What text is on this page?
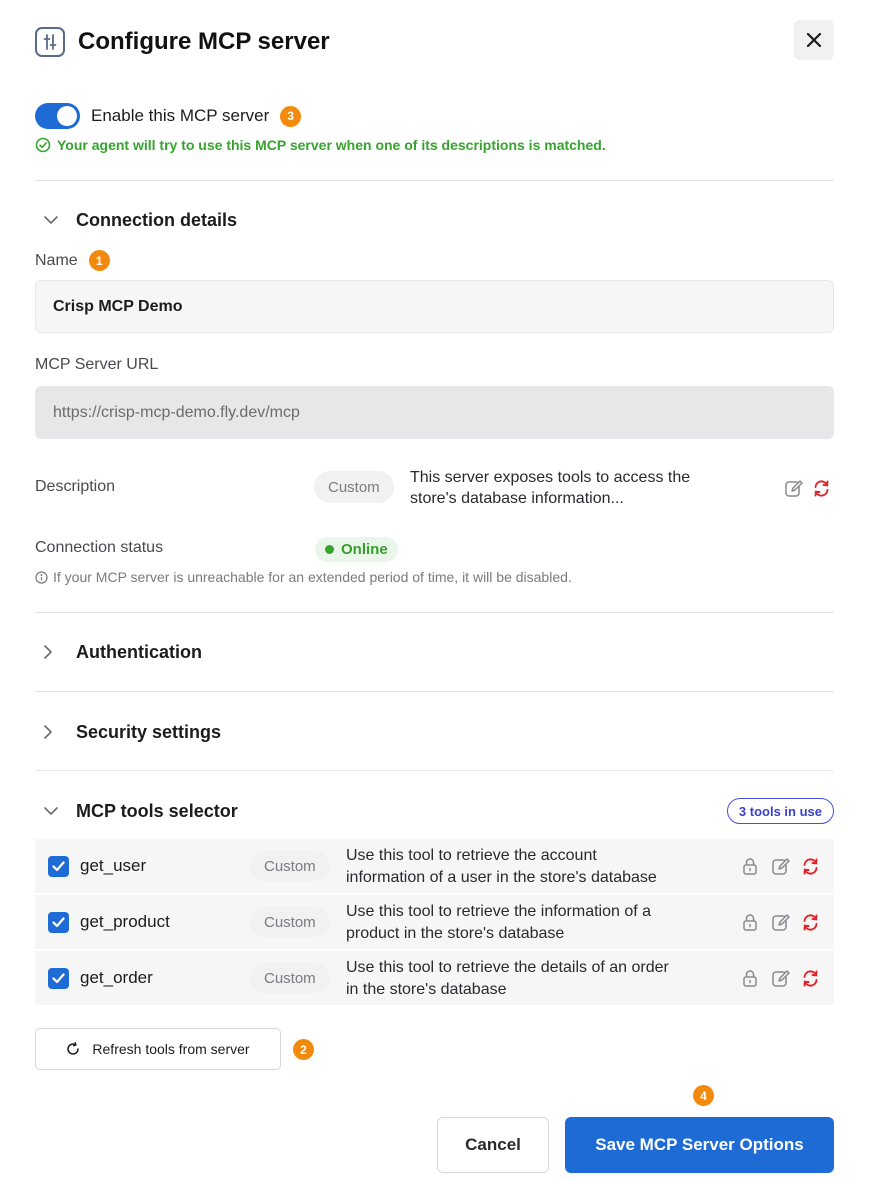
Configure MCP server
Enable this MCP server	3
Your agent will try to use this MCP server when one of its descriptions is matched.
Connection details
Name	1
Crisp MCP Demo
MCP Server URL
https://crisp-mcp-demo.fly.dev/mcp
Description	Custom
This server exposes tools to access the
store's database information...
Connection status	Online
If your MCP server is unreachable for an extended period of time, it will be disabled.
Authentication
Security settings
MCP tools selector	3 tools in use
get_user	Custom
Use this tool to retrieve the account
information of a user in the store's database
get_product	Custom
Use this tool to retrieve the information of a
product in the store's database
get_order	Custom
Use this tool to retrieve the details of an order
in the store's database
Refresh tools from server	2
4
Cancel	Save MCP Server Options
